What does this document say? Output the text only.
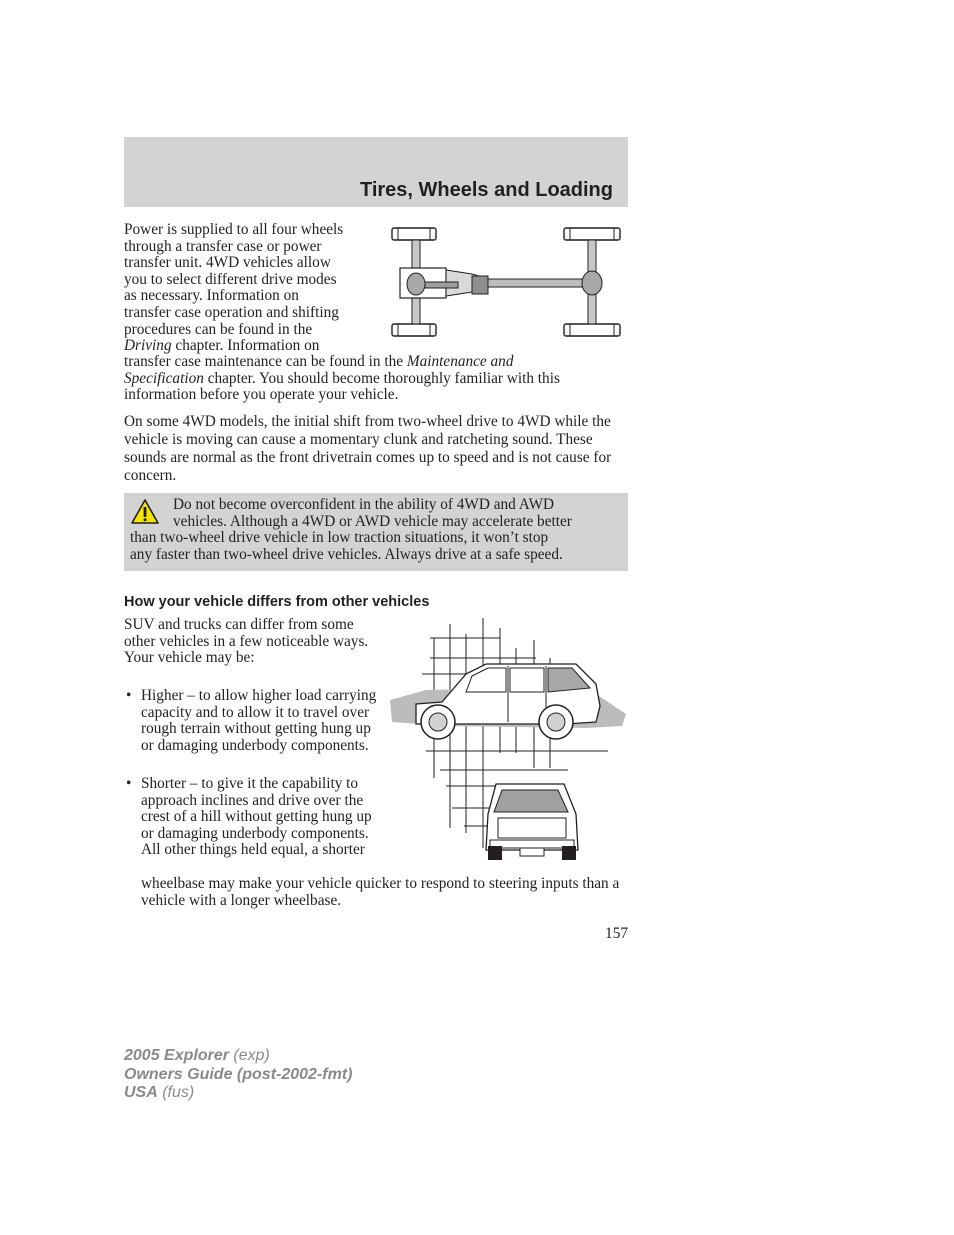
Tires, Wheels and Loading
Power is supplied to all four wheels
through a transfer case or power
transfer unit. 4WD vehicles allow
you to select different drive modes
as necessary. Information on
transfer case operation and shifting
procedures can be found in the
Driving chapter. Information on
transfer case maintenance can be found in the Maintenance and
Specification chapter. You should become thoroughly familiar with this
information before you operate your vehicle.
On some 4WD models, the initial shift from two-wheel drive to 4WD while the vehicle is moving can cause a momentary clunk and ratcheting sound. These sounds are normal as the front drivetrain comes up to speed and is not cause for concern.
Do not become overconfident in the ability of 4WD and AWD
vehicles. Although a 4WD or AWD vehicle may accelerate better
than two-wheel drive vehicle in low traction situations, it won’t stop
any faster than two-wheel drive vehicles. Always drive at a safe speed.
How your vehicle differs from other vehicles
SUV and trucks can differ from some other vehicles in a few noticeable ways. Your vehicle may be:
• Higher – to allow higher load carrying capacity and to allow it to travel over rough terrain without getting hung up or damaging underbody components.
• Shorter – to give it the capability to approach inclines and drive over the crest of a hill without getting hung up or damaging underbody components. All other things held equal, a shorter
wheelbase may make your vehicle quicker to respond to steering inputs than a vehicle with a longer wheelbase.
157
2005 Explorer (exp)
Owners Guide (post-2002-fmt)
USA (fus)
